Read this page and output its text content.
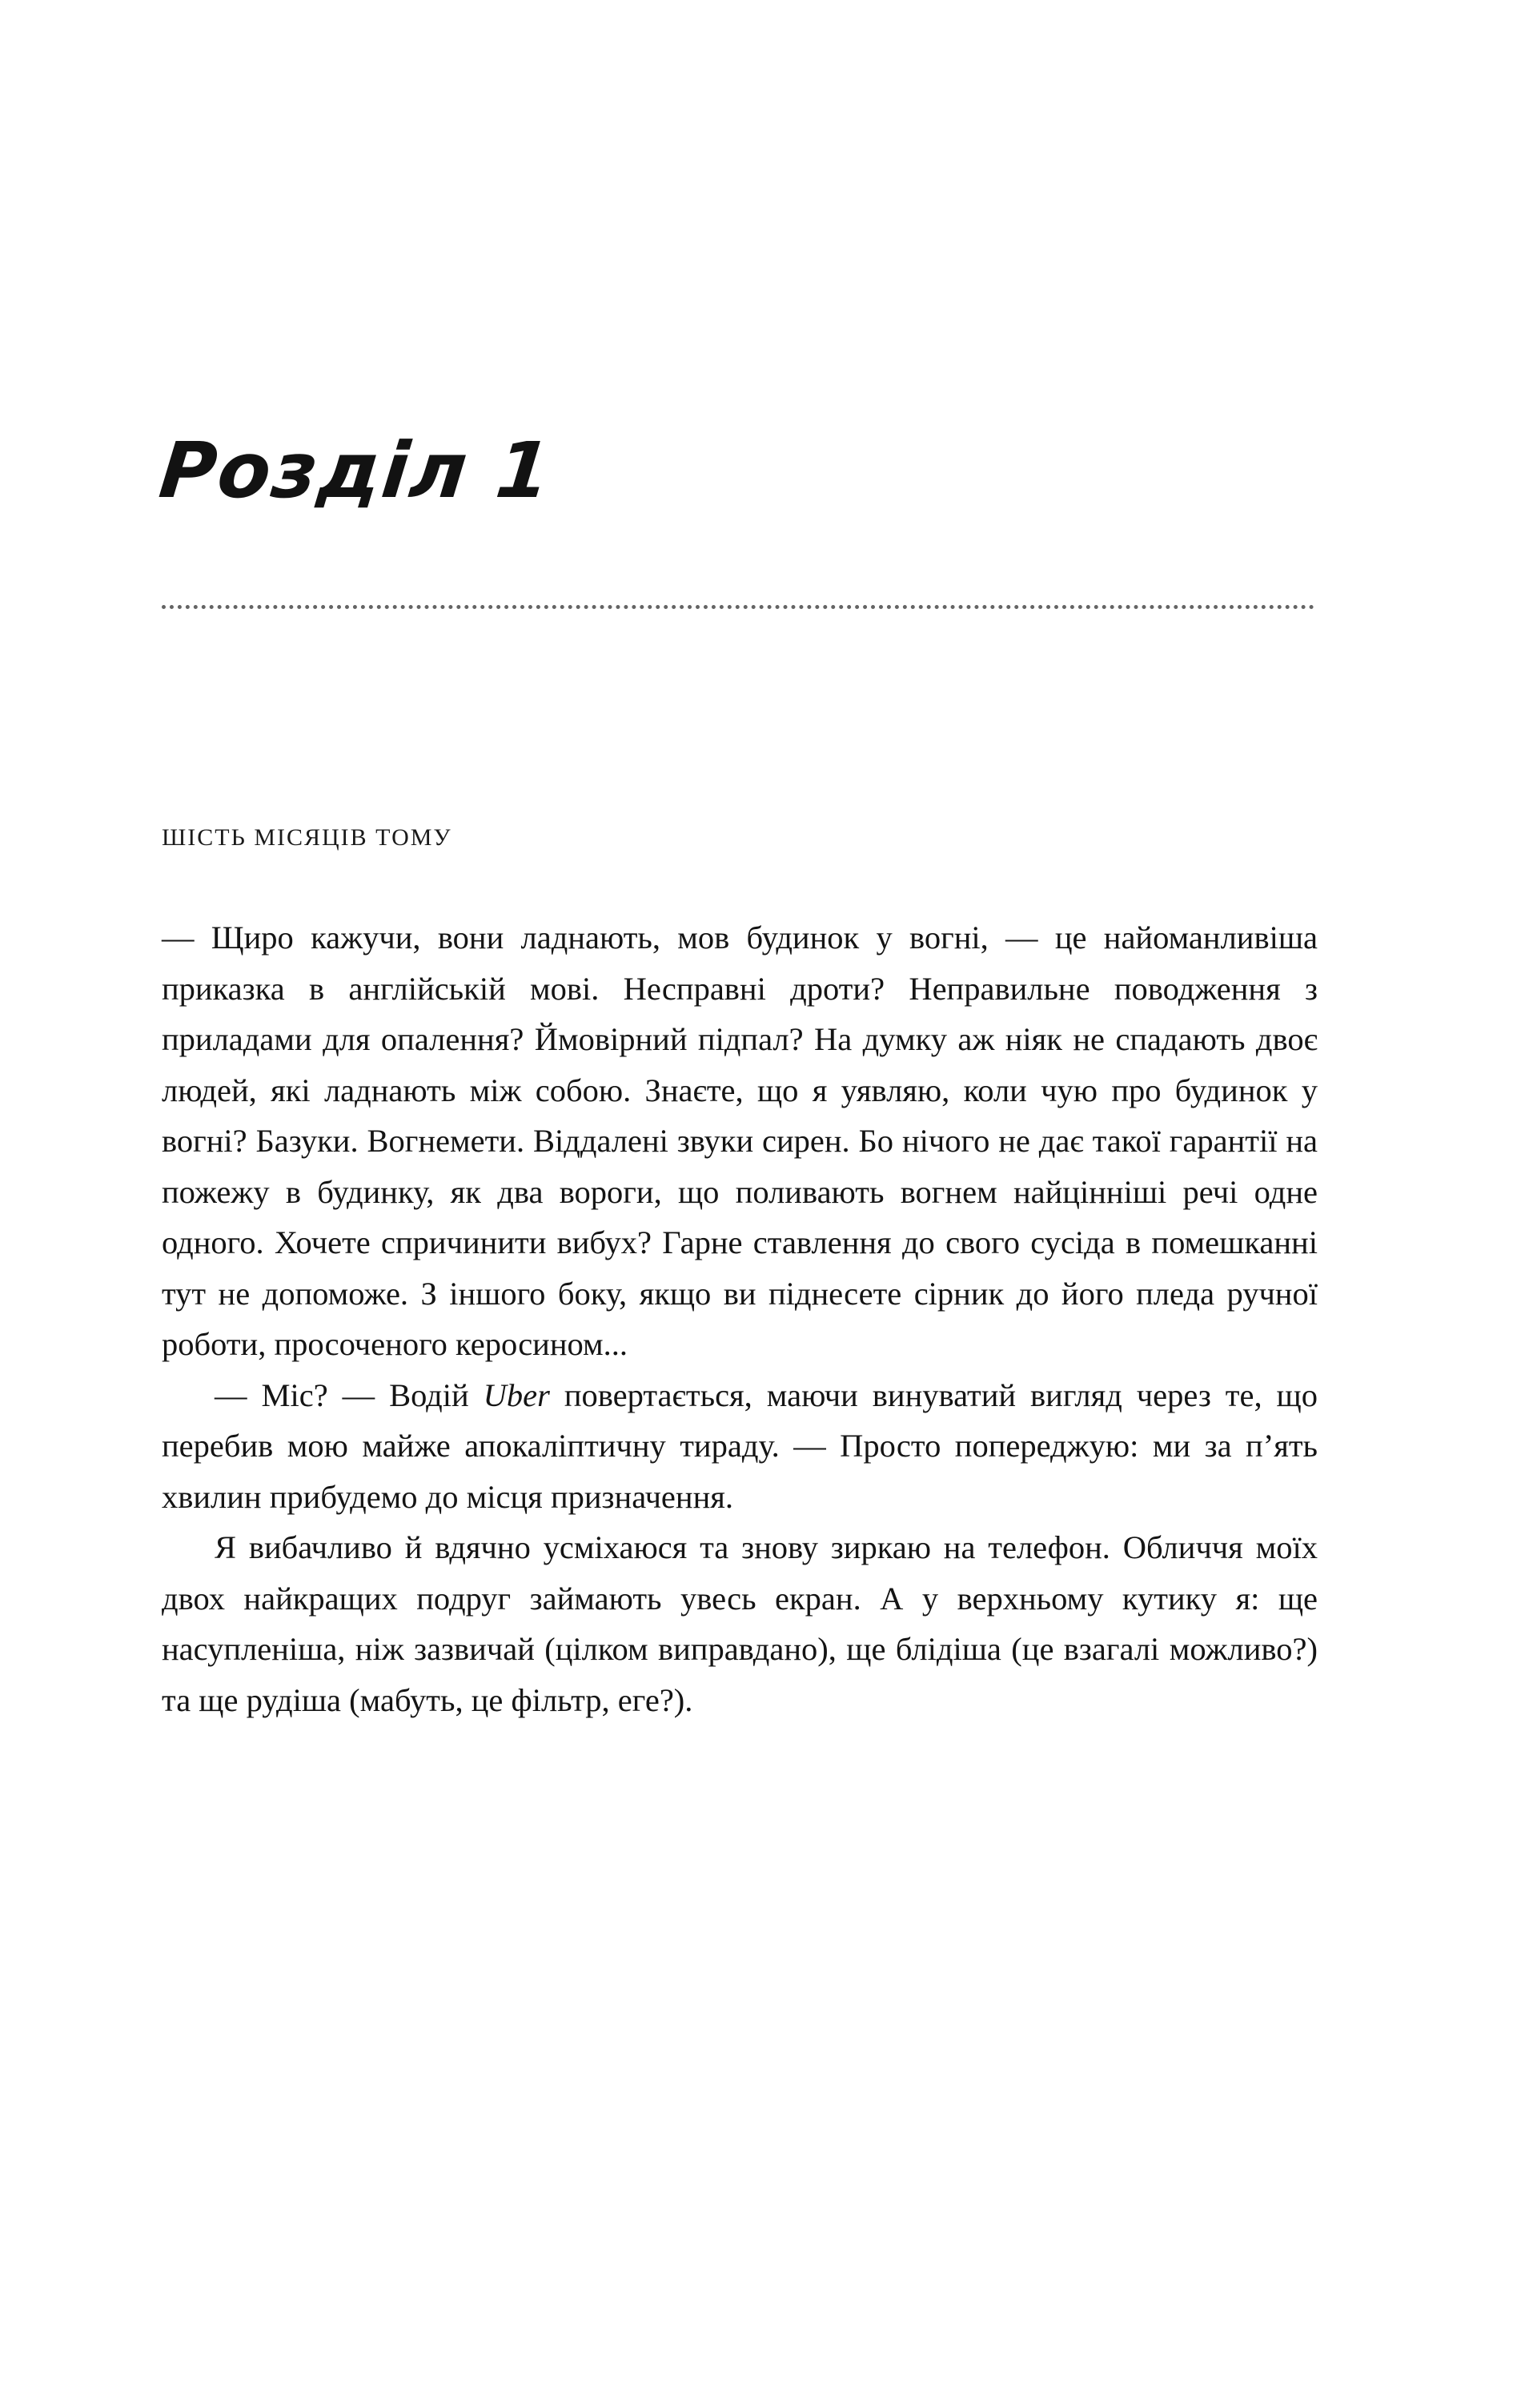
Розділ 1
ШІСТЬ МІСЯЦІВ ТОМУ

— Щиро кажучи, вони ладнають, мов будинок у вогні, — це найоманливіша приказка в англійській мові. Несправні дроти? Неправильне поводження з приладами для опалення? Ймовірний підпал? На думку аж ніяк не спадають двоє людей, які ладнають між собою. Знаєте, що я уявляю, коли чую про будинок у вогні? Базуки. Вогнемети. Віддалені звуки сирен. Бо нічого не дає такої гарантії на пожежу в будинку, як два вороги, що поливають вогнем найцінніші речі одне одного. Хочете спричинити вибух? Гарне ставлення до свого сусіда в помешканні тут не допоможе. З іншого боку, якщо ви піднесете сірник до його пледа ручної роботи, просоченого керосином...

— Міс? — Водій Uber повертається, маючи винуватий вигляд через те, що перебив мою майже апокаліптичну тираду. — Просто попереджую: ми за п’ять хвилин прибудемо до місця призначення.

Я вибачливо й вдячно усміхаюся та знову зиркаю на телефон. Обличчя моїх двох найкращих подруг займають увесь екран. А у верхньому кутику я: ще насупленіша, ніж зазвичай (цілком виправдано), ще блідіша (це взагалі можливо?) та ще рудіша (мабуть, це фільтр, еге?).
